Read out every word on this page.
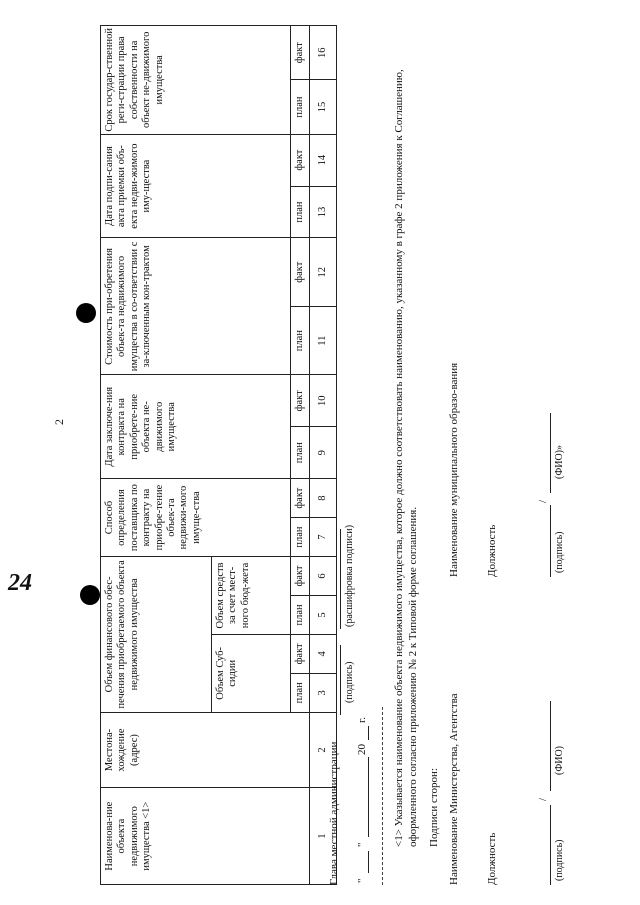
2
Наименова-ние объекта недвижимого имущества <1>	Местона-хождение (адрес)	Объем финансового обес-печения приобретаемого объекта недвижимого имущества				Способ определения поставщика по контракту на приобре-тение объек-та недвижи-мого имуще-ства		Дата заключе-ния контракта на приобрете-ние объекта не-движимого имущества		Стоимость при-обретения объек-та недвижимого имущества в со-ответствии с за-ключенным кон-трактом		Дата подпи-сания акта приемки объ-екта недви-жимого иму-щества		Срок государ-ственной реги-страции права собственности на объект не-движимого имущества	
		Объем Суб-сидии		Объем средств за счет мест-ного бюд-жета											
		план	факт	план	факт	план	факт	план	факт	план	факт	план	факт	план	факт
1	2	3	4	5	6	7	8	9	10	11	12	13	14	15	16
Глава местной администрации
(подпись)
(расшифровка подписи)
"
"
20
г. <1> Указывается наименование объекта недвижимого имущества, которое должно соответствовать наименованию, указанному в графе 2 приложения к Соглашению, оформленного согласно приложению № 2 к Типовой форме соглашения. Подписи сторон: Наименование Министерства, Агентства
Наименование муниципального образо-вания
Должность
Должность
/
(подпись)
(ФИО)
/
(подпись)
(ФИО)»
24
